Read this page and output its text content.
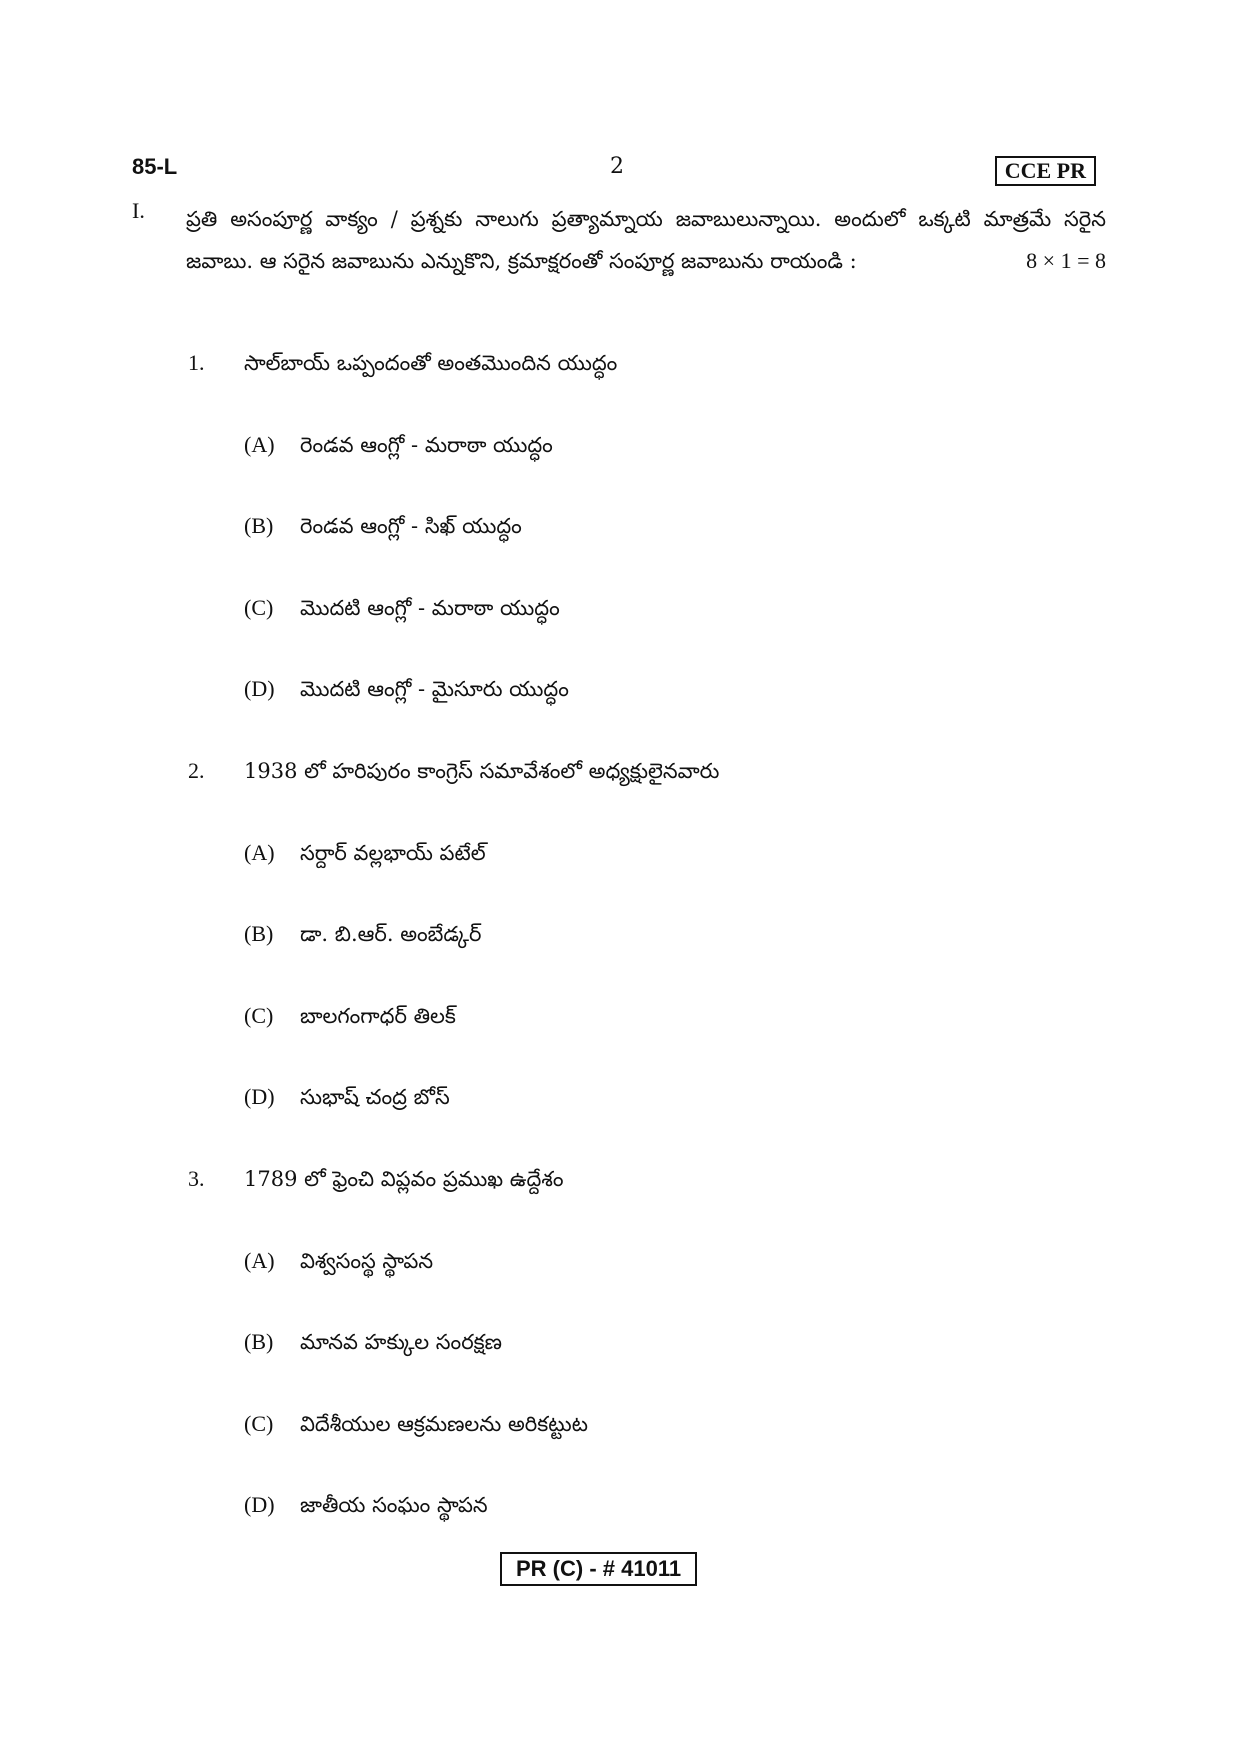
85-L	2	CCE PR
I. ప్రతి అసంపూర్ణ వాక్యం / ప్రశ్నకు నాలుగు ప్రత్యామ్నాయ జవాబులున్నాయి. అందులో ఒక్కటి మాత్రమే సరైన జవాబు. ఆ సరైన జవాబును ఎన్నుకొని, క్రమాక్షరంతో సంపూర్ణ జవాబును రాయండి :	8 × 1 = 8
1. సాల్‌బాయ్ ఒప్పందంతో అంతమొందిన యుద్ధం
(A) రెండవ ఆంగ్లో - మరాఠా యుద్ధం
(B) రెండవ ఆంగ్లో - సిఖ్ యుద్ధం
(C) మొదటి ఆంగ్లో - మరాఠా యుద్ధం
(D) మొదటి ఆంగ్లో - మైసూరు యుద్ధం
2. 1938 లో హరిపురం కాంగ్రెస్ సమావేశంలో అధ్యక్షులైనవారు
(A) సర్దార్ వల్లభాయ్ పటేల్
(B) డా. బి.ఆర్. అంబేడ్కర్
(C) బాలగంగాధర్ తిలక్
(D) సుభాష్ చంద్ర బోస్
3. 1789 లో ఫ్రెంచి విప్లవం ప్రముఖ ఉద్దేశం
(A) విశ్వసంస్థ స్థాపన
(B) మానవ హక్కుల సంరక్షణ
(C) విదేశీయుల ఆక్రమణలను అరికట్టుట
(D) జాతీయ సంఘం స్థాపన
PR (C) - # 41011
